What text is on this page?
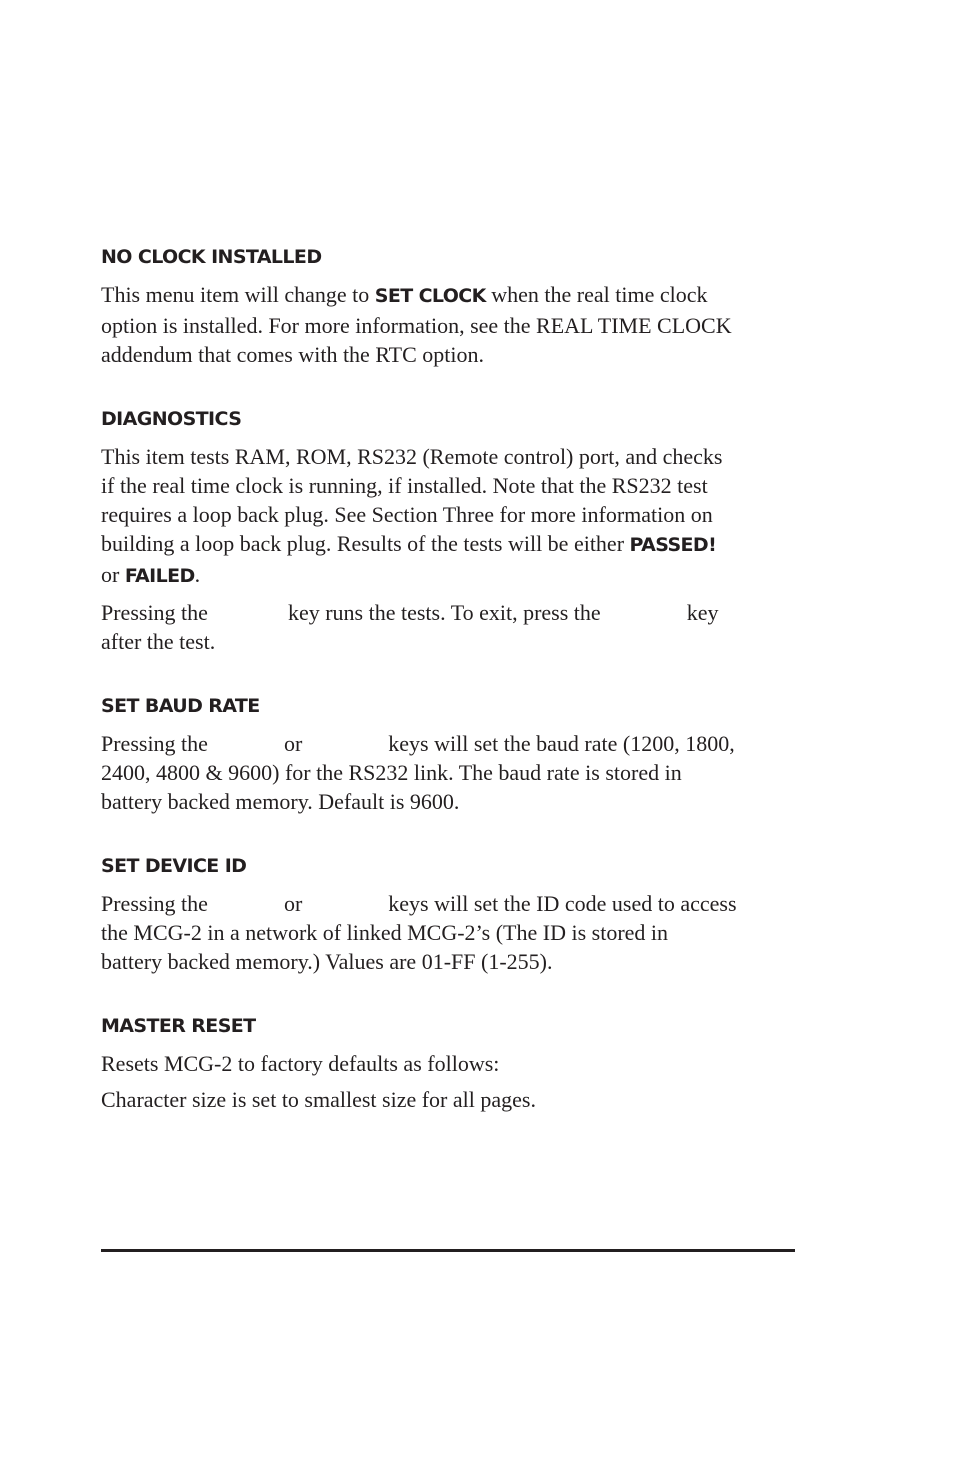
NO CLOCK INSTALLED

This menu item will change to SET CLOCK when the real time clock
option is installed. For more information, see the REAL TIME CLOCK
addendum that comes with the RTC option.

DIAGNOSTICS

This item tests RAM, ROM, RS232 (Remote control) port, and checks
if the real time clock is running, if installed. Note that the RS232 test
requires a loop back plug. See Section Three for more information on
building a loop back plug. Results of the tests will be either PASSED!
or FAILED.

Pressing the	key runs the tests. To exit, press the	key
after the test.

SET BAUD RATE

Pressing the	or	keys will set the baud rate (1200, 1800,
2400, 4800 & 9600) for the RS232 link. The baud rate is stored in
battery backed memory. Default is 9600.

SET DEVICE ID

Pressing the	or	keys will set the ID code used to access
the MCG-2 in a network of linked MCG-2’s (The ID is stored in
battery backed memory.) Values are 01-FF (1-255).

MASTER RESET

Resets MCG-2 to factory defaults as follows:

Character size is set to smallest size for all pages.
